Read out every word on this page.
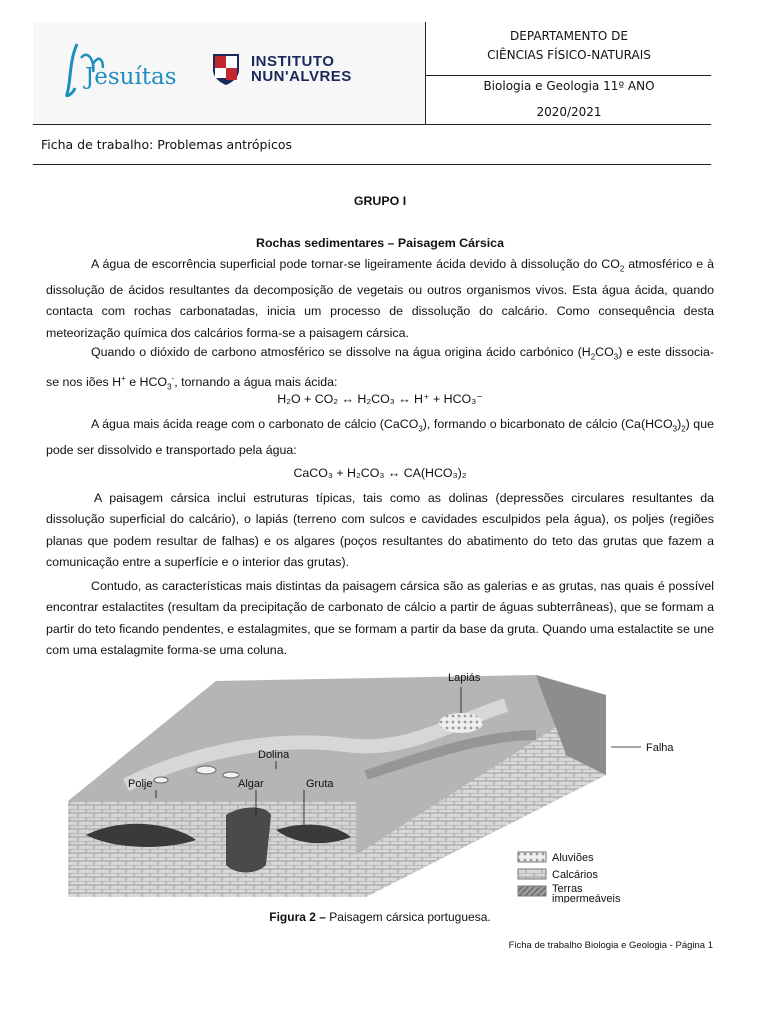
Jesuítas
INSTITUTO
NUN'ALVRES
DEPARTAMENTO DE
CIÊNCIAS FÍSICO-NATURAIS
Biologia e Geologia 11º ANO
2020/2021
Ficha de trabalho: Problemas antrópicos
GRUPO I
Rochas sedimentares – Paisagem Cársica

A água de escorrência superficial pode tornar-se ligeiramente ácida devido à dissolução do $CO_2$ atmosférico e à dissolução de ácidos resultantes da decomposição de vegetais ou outros organismos vivos. Esta água ácida, quando contacta com rochas carbonatadas, inicia um processo de dissolução do calcário. Como consequência desta meteorização química dos calcários forma-se a paisagem cársica.

Quando o dióxido de carbono atmosférico se dissolve na água origina ácido carbónico $(H_2CO_3)$ e este dissocia-se nos iões H+ e $HCO_3^-$, tornando a água mais ácida:

H₂O + CO₂ ↔ H₂CO₃ ↔ H⁺ + HCO₃⁻

A água mais ácida reage com o carbonato de cálcio (CaCO$_3$), formando o bicarbonato de cálcio $(Ca(HCO_3)_2)$ que pode ser dissolvido e transportado pela água:

CaCO₃ + H₂CO₃ ↔ CA(HCO₃)₂

A paisagem cársica inclui estruturas típicas, tais como as dolinas (depressões circulares resultantes da dissolução superficial do calcário), o lapiás (terreno com sulcos e cavidades esculpidos pela água), os poljes (regiões planas que podem resultar de falhas) e os algares (poços resultantes do abatimento do teto das grutas que fazem a comunicação entre a superfície e o interior das grutas).

Contudo, as características mais distintas da paisagem cársica são as galerias e as grutas, nas quais é possível encontrar estalactites (resultam da precipitação de carbonato de cálcio a partir de águas subterrâneas), que se formam a partir do teto ficando pendentes, e estalagmites, que se formam a partir da base da gruta. Quando uma estalactite se une com uma estalagmite forma-se uma coluna.

Lapiás
Dolina
Polje	Algar	Gruta
Falha
Aluviões
Calcários
Terras
impermeáveis
Figura 2 – Paisagem cársica portuguesa.
Ficha de trabalho Biologia e Geologia - Página 1
